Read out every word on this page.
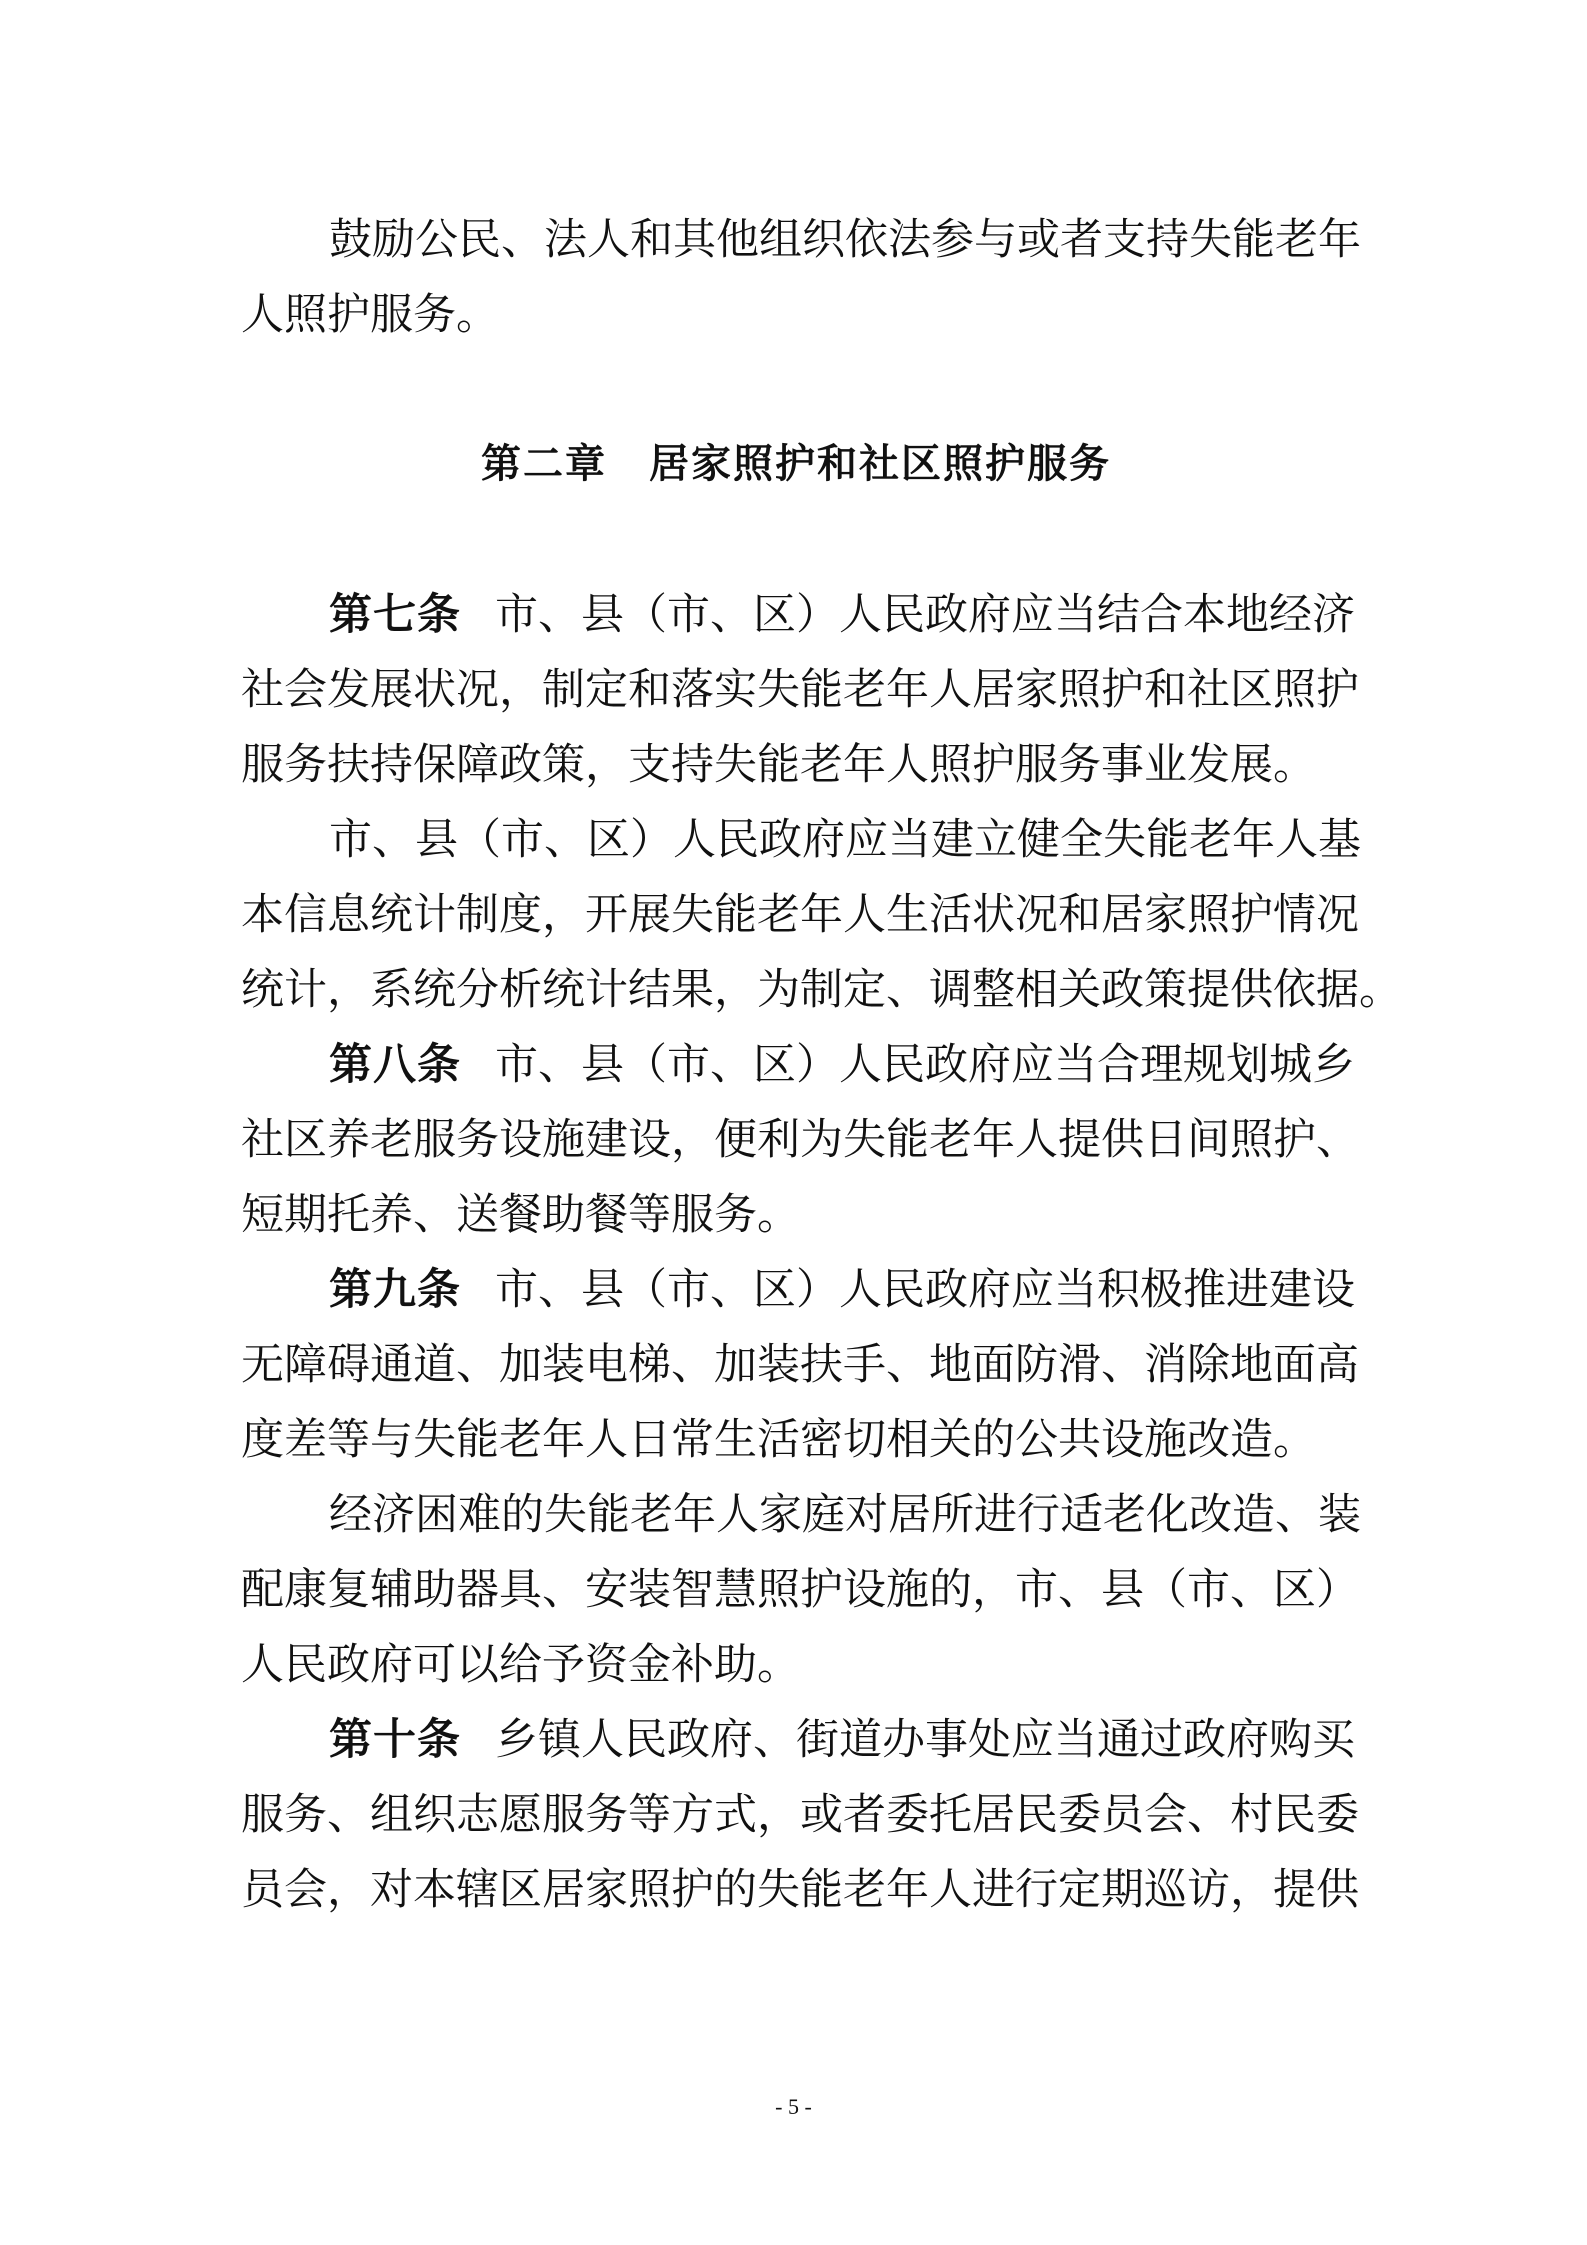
鼓励公民、法人和其他组织依法参与或者支持失能老年
人照护服务。
第二章　居家照护和社区照护服务
第七条 市、县（市、区）人民政府应当结合本地经济
社会发展状况，制定和落实失能老年人居家照护和社区照护
服务扶持保障政策，支持失能老年人照护服务事业发展。
市、县（市、区）人民政府应当建立健全失能老年人基
本信息统计制度，开展失能老年人生活状况和居家照护情况
统计，系统分析统计结果，为制定、调整相关政策提供依据。
第八条 市、县（市、区）人民政府应当合理规划城乡
社区养老服务设施建设，便利为失能老年人提供日间照护、
短期托养、送餐助餐等服务。
第九条 市、县（市、区）人民政府应当积极推进建设
无障碍通道、加装电梯、加装扶手、地面防滑、消除地面高
度差等与失能老年人日常生活密切相关的公共设施改造。
经济困难的失能老年人家庭对居所进行适老化改造、装
配康复辅助器具、安装智慧照护设施的，市、县（市、区）
人民政府可以给予资金补助。
第十条 乡镇人民政府、街道办事处应当通过政府购买
服务、组织志愿服务等方式，或者委托居民委员会、村民委
员会，对本辖区居家照护的失能老年人进行定期巡访，提供
- 5 -
